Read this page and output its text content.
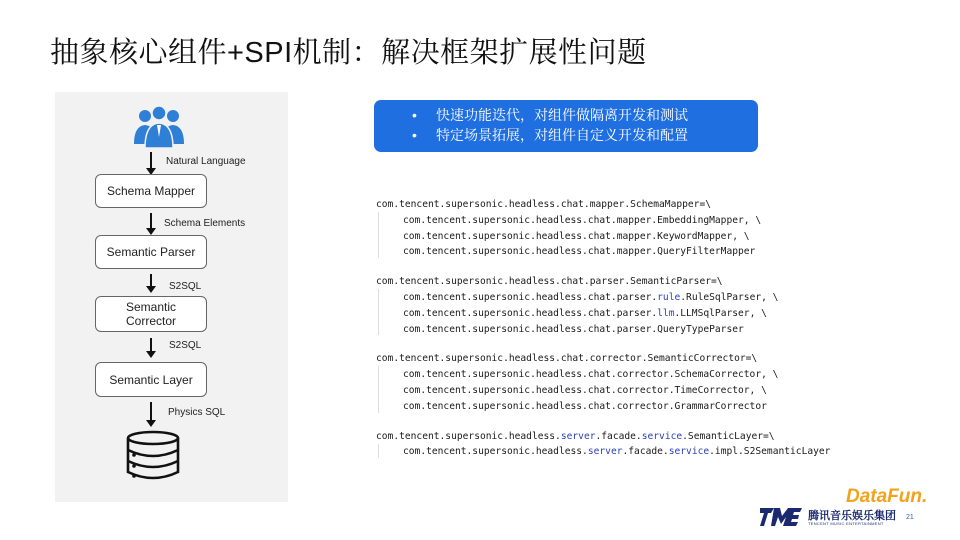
抽象核心组件+SPI机制：解决框架扩展性问题
Natural Language
Schema Mapper
Schema Elements
Semantic Parser
S2SQL
Semantic
Corrector
S2SQL
Semantic Layer
Physics SQL
• 快速功能迭代，对组件做隔离开发和测试
• 特定场景拓展，对组件自定义开发和配置
com.tencent.supersonic.headless.chat.mapper.SchemaMapper=\
com.tencent.supersonic.headless.chat.mapper.EmbeddingMapper, \
com.tencent.supersonic.headless.chat.mapper.KeywordMapper, \
com.tencent.supersonic.headless.chat.mapper.QueryFilterMapper
com.tencent.supersonic.headless.chat.parser.SemanticParser=\
com.tencent.supersonic.headless.chat.parser.rule.RuleSqlParser, \
com.tencent.supersonic.headless.chat.parser.llm.LLMSqlParser, \
com.tencent.supersonic.headless.chat.parser.QueryTypeParser
com.tencent.supersonic.headless.chat.corrector.SemanticCorrector=\
com.tencent.supersonic.headless.chat.corrector.SchemaCorrector, \
com.tencent.supersonic.headless.chat.corrector.TimeCorrector, \
com.tencent.supersonic.headless.chat.corrector.GrammarCorrector
com.tencent.supersonic.headless.server.facade.service.SemanticLayer=\
com.tencent.supersonic.headless.server.facade.service.impl.S2SemanticLayer
腾讯音乐娱乐集团
TENCENT MUSIC ENTERTAINMENT
DataFun.
21
